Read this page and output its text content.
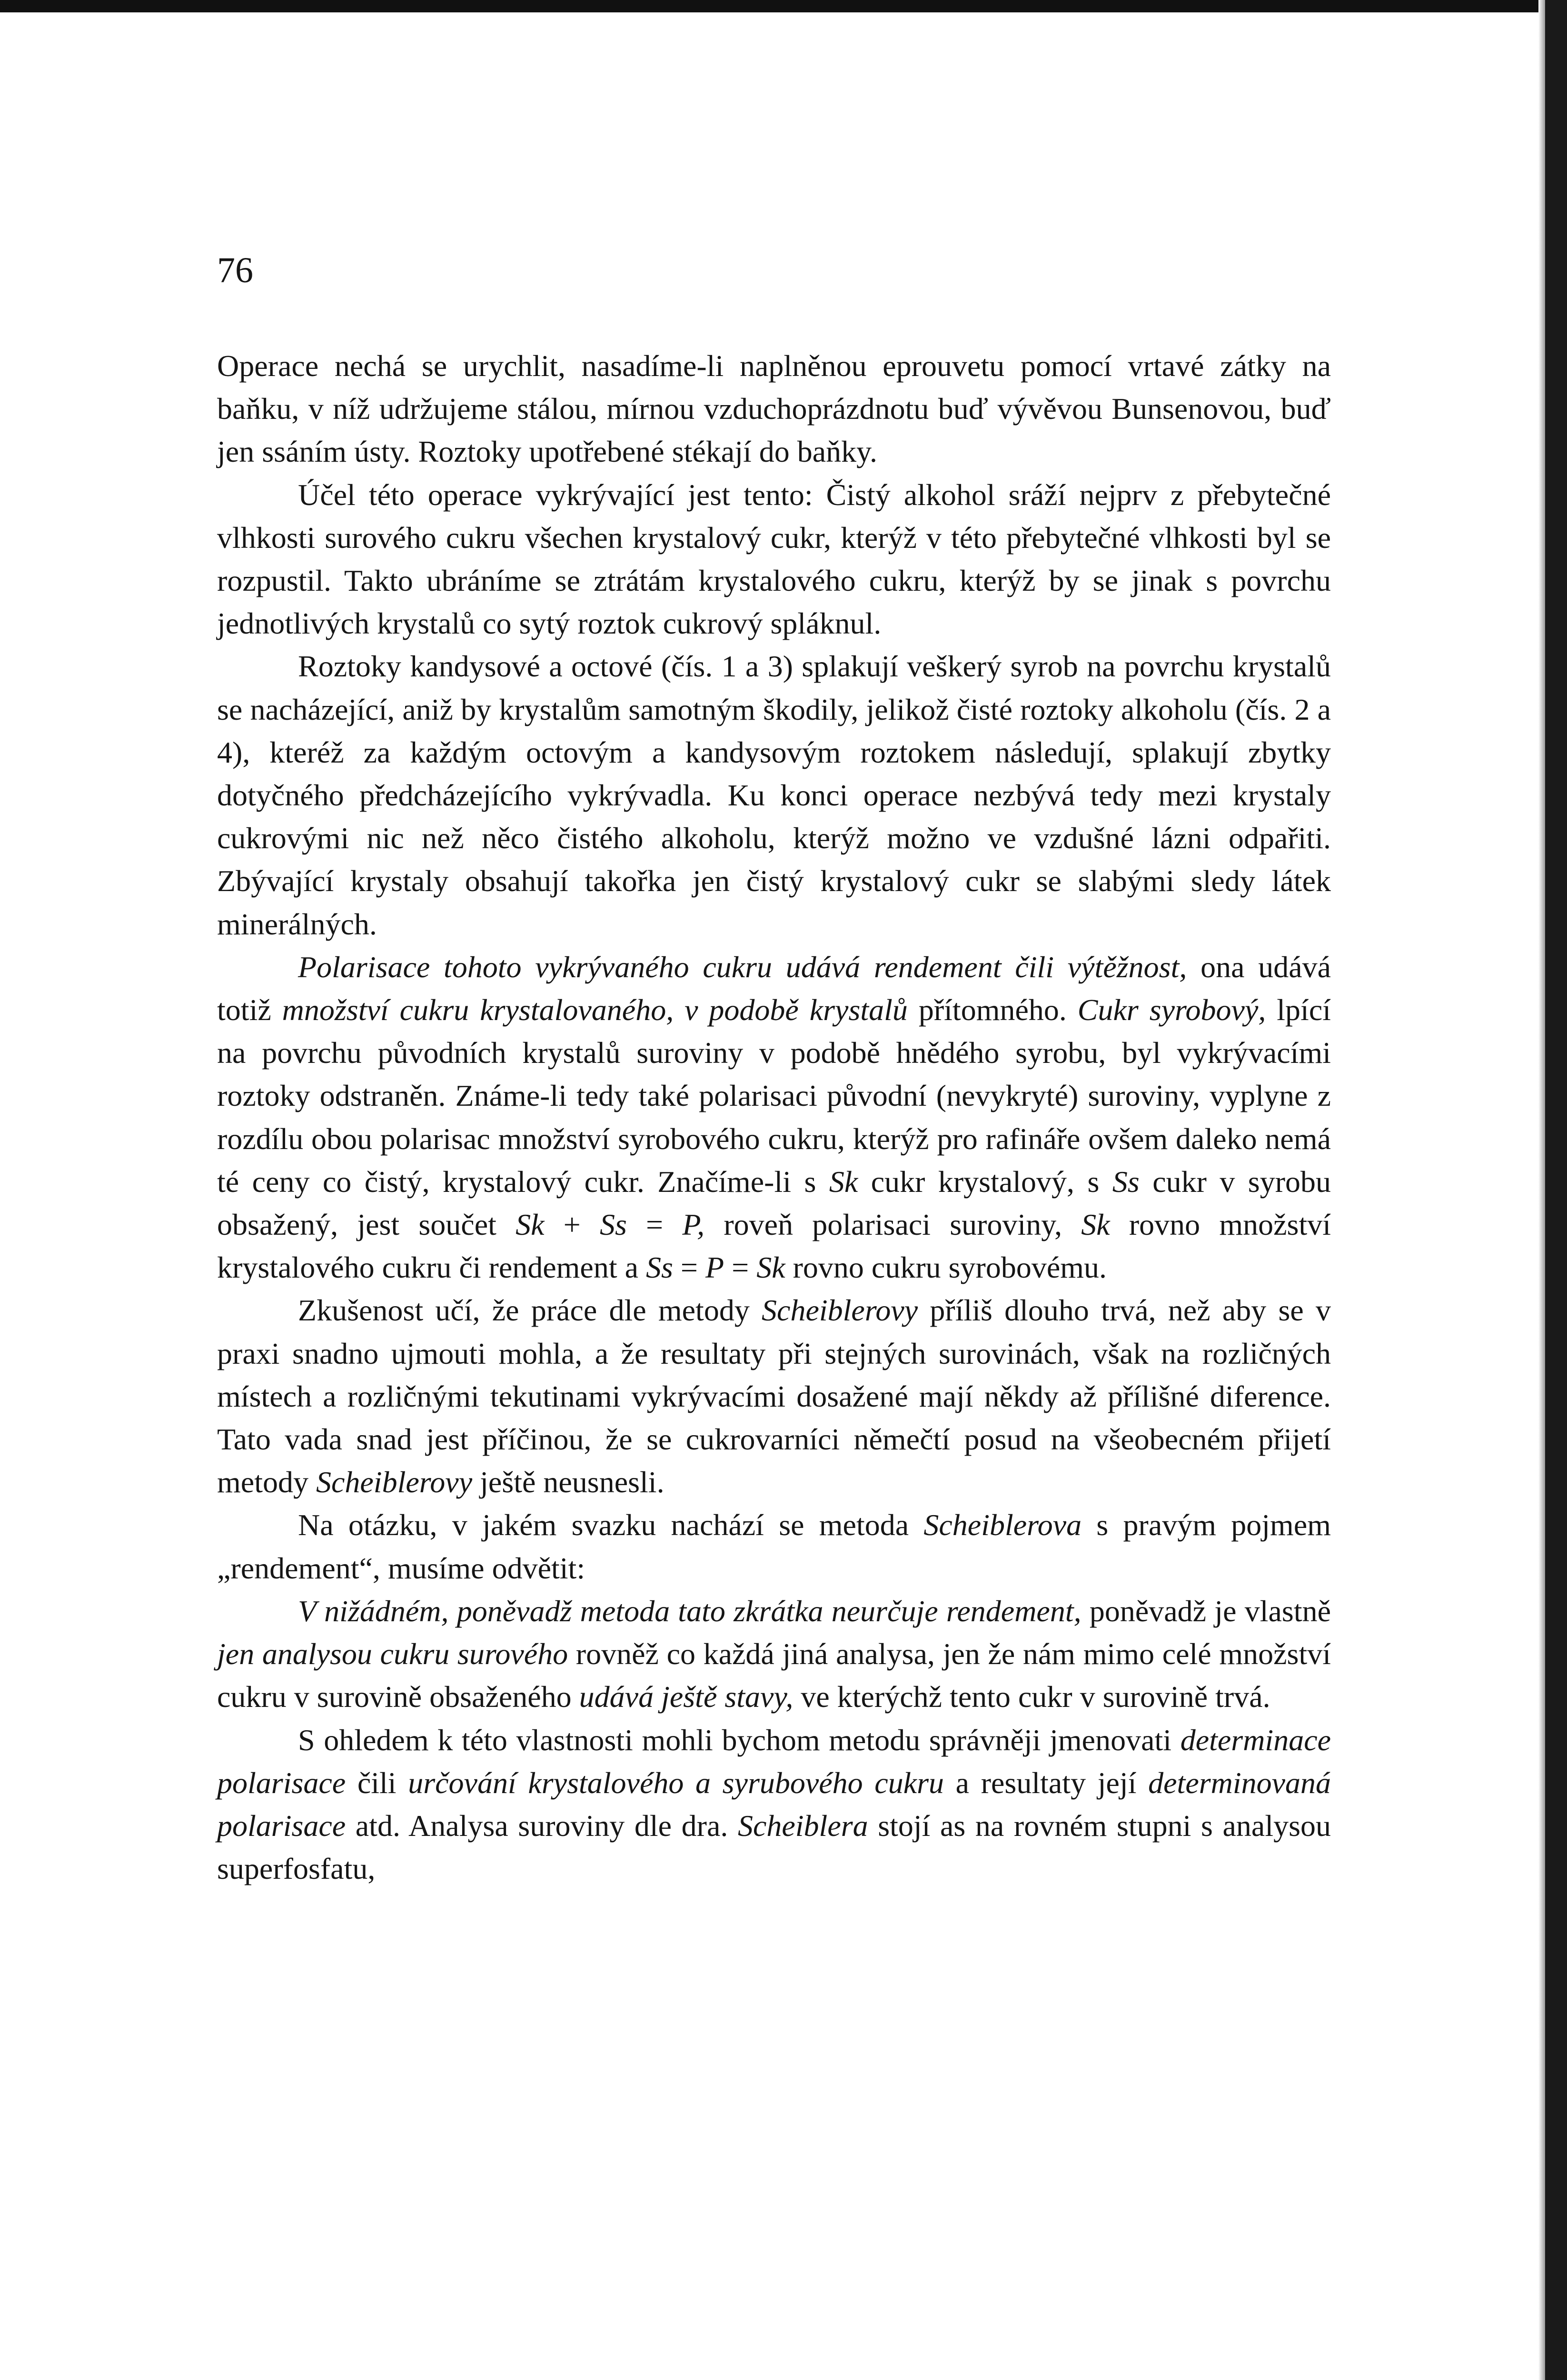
76

Operace nechá se urychlit, nasadíme-li naplněnou eprouvetu pomocí vrtavé zátky na baňku, v níž udržujeme stálou, mírnou vzduchoprázdnotu buď vývěvou Bunsenovou, buď jen ssáním ústy. Roztoky upotřebené stékají do baňky.

Účel této operace vykrývající jest tento: Čistý alkohol sráží nejprv z přebytečné vlhkosti surového cukru všechen krystalový cukr, kterýž v této přebytečné vlhkosti byl se rozpustil. Takto ubráníme se ztrátám krystalového cukru, kterýž by se jinak s povrchu jednotlivých krystalů co sytý roztok cukrový spláknul.

Roztoky kandysové a octové (čís. 1 a 3) splakují veškerý syrob na povrchu krystalů se nacházející, aniž by krystalům samotným škodily, jelikož čisté roztoky alkoholu (čís. 2 a 4), kteréž za každým octovým a kandysovým roztokem následují, splakují zbytky dotyčného předcházejícího vykrývadla. Ku konci operace nezbývá tedy mezi krystaly cukrovými nic než něco čistého alkoholu, kterýž možno ve vzdušné lázni odpařiti. Zbývající krystaly obsahují takořka jen čistý krystalový cukr se slabými sledy látek minerálných.

Polarisace tohoto vykrývaného cukru udává rendement čili výtěžnost, ona udává totiž množství cukru krystalovaného, v podobě krystalů přítomného. Cukr syrobový, lpící na povrchu původních krystalů suroviny v podobě hnědého syrobu, byl vykrývacími roztoky odstraněn. Známe-li tedy také polarisaci původní (nevykryté) suroviny, vyplyne z rozdílu obou polarisac množství syrobového cukru, kterýž pro rafináře ovšem daleko nemá té ceny co čistý, krystalový cukr. Značíme-li s Sk cukr krystalový, s Ss cukr v syrobu obsažený, jest součet Sk + Ss = P, roveň polarisaci suroviny, Sk rovno množství krystalového cukru či rendement a Ss = P = Sk rovno cukru syrobovému.

Zkušenost učí, že práce dle metody Scheiblerovy příliš dlouho trvá, než aby se v praxi snadno ujmouti mohla, a že resultaty při stejných surovinách, však na rozličných místech a rozličnými tekutinami vykrývacími dosažené mají někdy až přílišné diference. Tato vada snad jest příčinou, že se cukrovarníci němečtí posud na všeobecném přijetí metody Scheiblerovy ještě neusnesli.

Na otázku, v jakém svazku nachází se metoda Scheiblerova s pravým pojmem „rendement“, musíme odvětit:

V nižádném, poněvadž metoda tato zkrátka neurčuje rendement, poněvadž je vlastně jen analysou cukru surového rovněž co každá jiná analysa, jen že nám mimo celé množství cukru v surovině obsaženého udává ještě stavy, ve kterýchž tento cukr v surovině trvá.

S ohledem k této vlastnosti mohli bychom metodu správněji jmenovati determinace polarisace čili určování krystalového a syrubového cukru a resultaty její determinovaná polarisace atd. Analysa suroviny dle dra. Scheiblera stojí as na rovném stupni s analysou superfosfatu,
